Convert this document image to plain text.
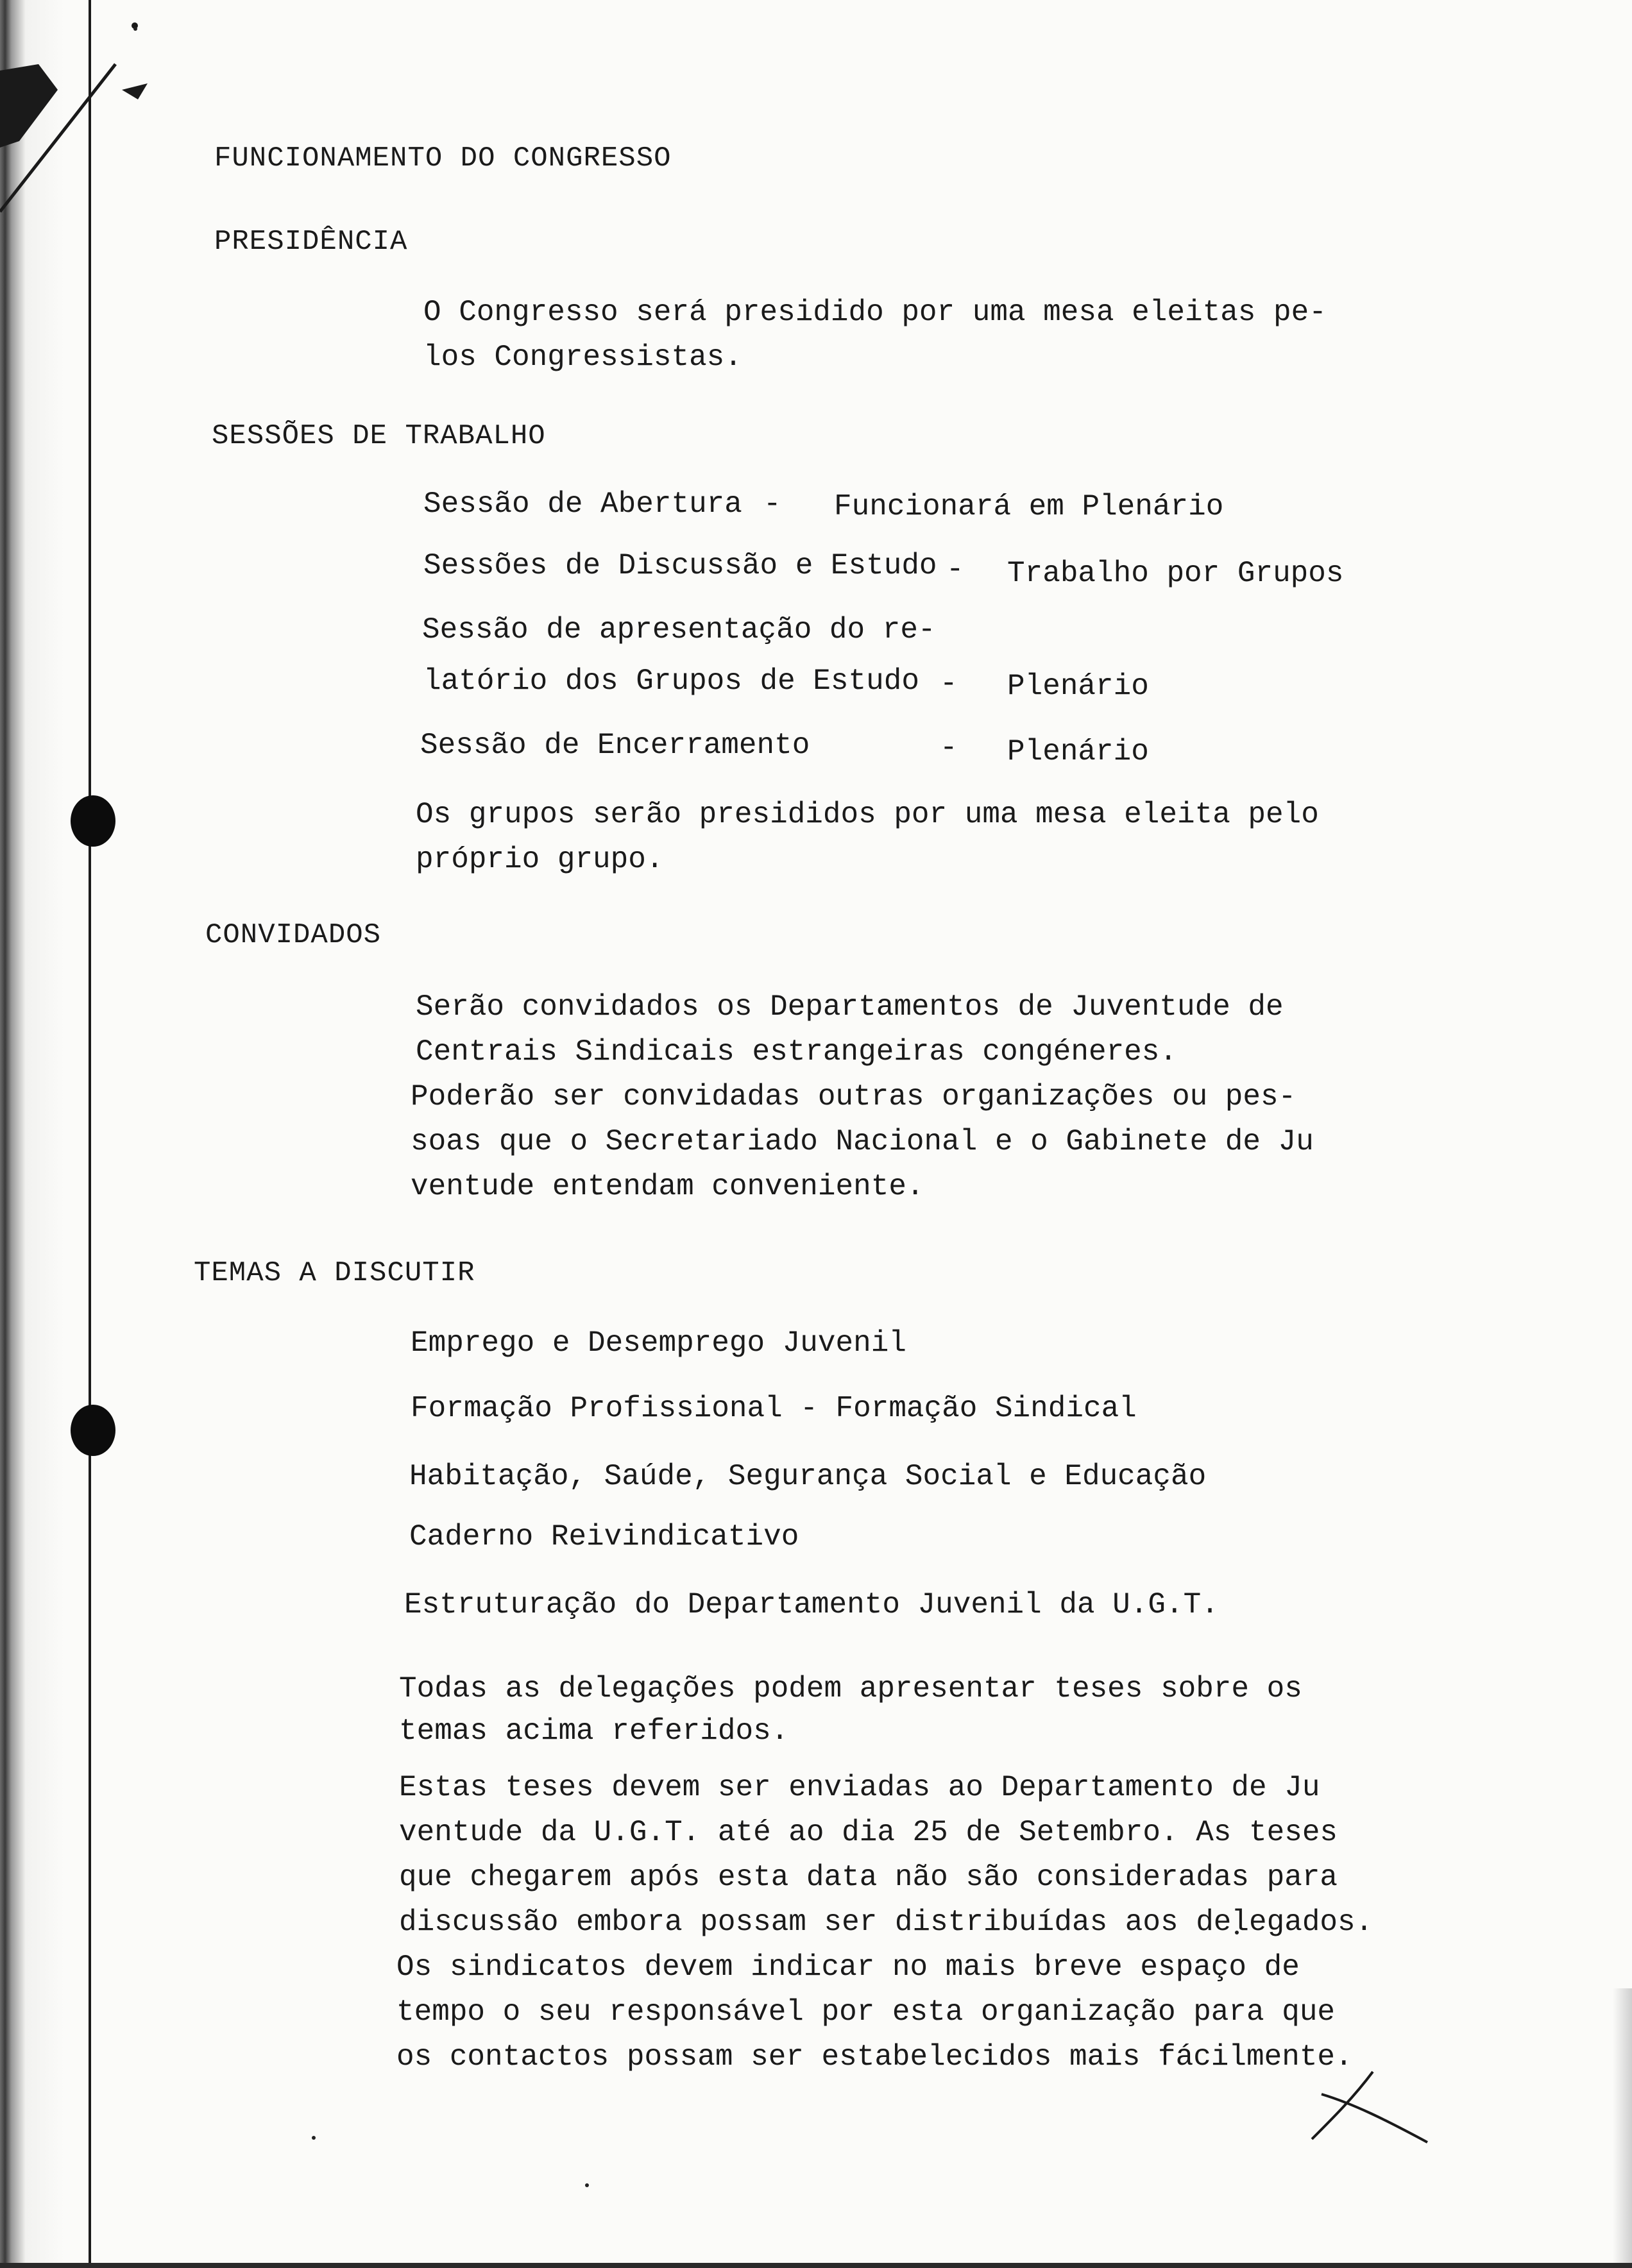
FUNCIONAMENTO DO CONGRESSO
PRESIDÊNCIA
SESSÕES DE TRABALHO
CONVIDADOS
TEMAS A DISCUTIR
O Congresso será presidido por uma mesa eleitas pe-
los Congressistas.
Sessão de Abertura - Funcionará em Plenário
Sessões de Discussão e Estudo - Trabalho por Grupos
Sessão de apresentação do re-
latório dos Grupos de Estudo - Plenário
Sessão de Encerramento	- Plenário
Os grupos serão presididos por uma mesa eleita pelo
próprio grupo.
Serão convidados os Departamentos de Juventude de
Centrais Sindicais estrangeiras congéneres.
Poderão ser convidadas outras organizações ou pes-
soas que o Secretariado Nacional e o Gabinete de Ju
ventude entendam conveniente.
Emprego e Desemprego Juvenil
Formação Profissional - Formação Sindical
Habitação, Saúde, Segurança Social e Educação
Caderno Reivindicativo
Estruturação do Departamento Juvenil da U.G.T.
Todas as delegações podem apresentar teses sobre os
temas acima referidos.
Estas teses devem ser enviadas ao Departamento de Ju
ventude da U.G.T. até ao dia 25 de Setembro. As teses
que chegarem após esta data não são consideradas para
discussão embora possam ser distribuídas aos delegados.
Os sindicatos devem indicar no mais breve espaço de
tempo o seu responsável por esta organização para que
os contactos possam ser estabelecidos mais fácilmente.
